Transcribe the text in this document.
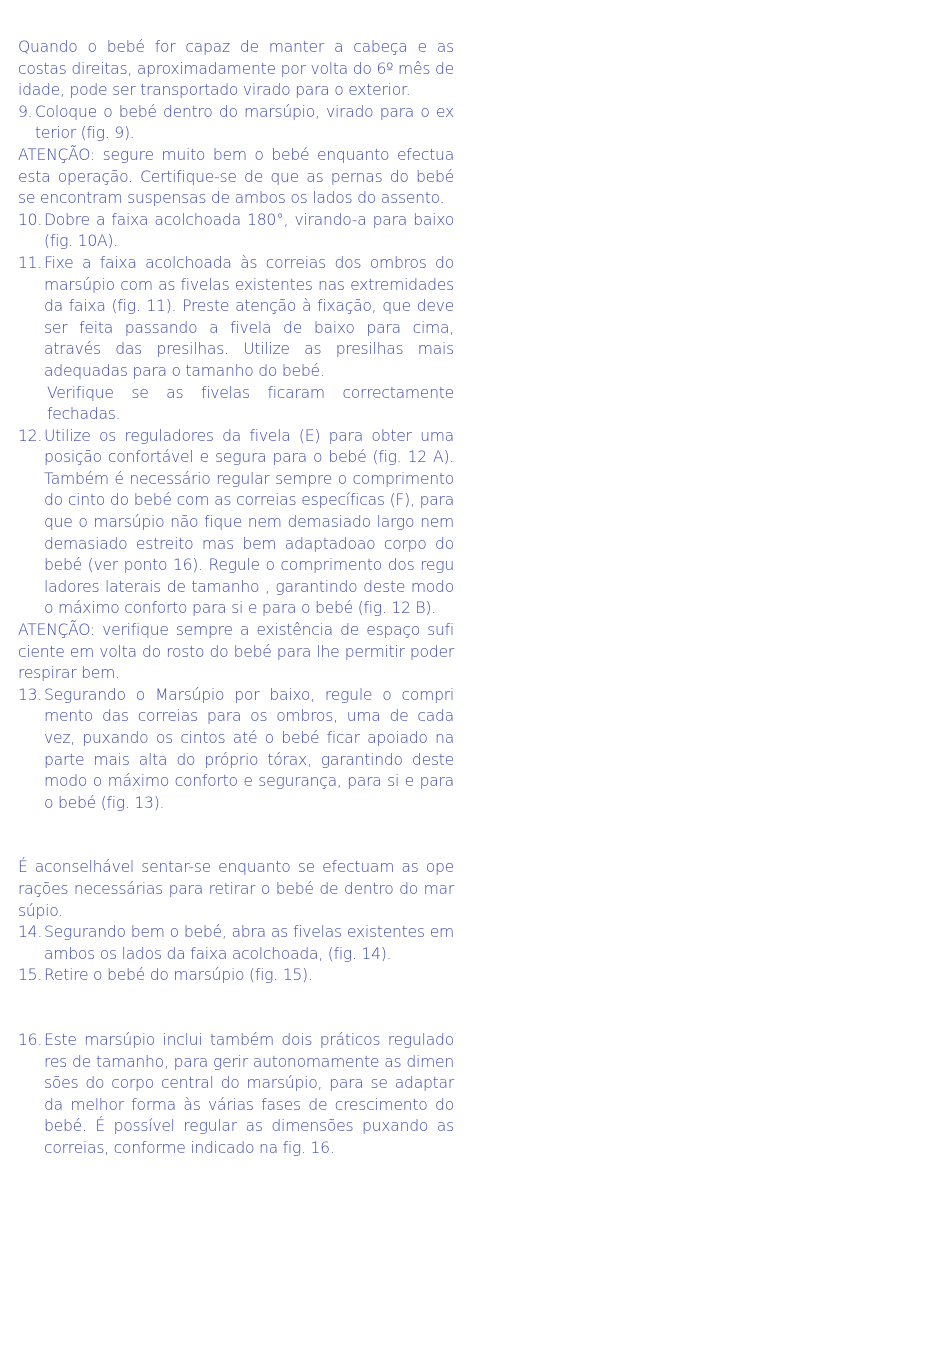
Quando o bebé for capaz de manter a cabeça e as costas direitas, aproximadamente por volta do 6º mês de idade, pode ser transportado virado para o exterior.

9. Coloque o bebé dentro do marsúpio, virado para o ex terior (fig. 9).

ATENÇÃO: segure muito bem o bebé enquanto efectua esta operação. Certifique-se de que as pernas do bebé se encontram suspensas de ambos os lados do assento.

10. Dobre a faixa acolchoada 180°, virando-a para baixo (fig. 10A).
11. Fixe a faixa acolchoada às correias dos ombros do marsúpio com as fivelas existentes nas extremidades da faixa (fig. 11). Preste atenção à fixação, que deve ser feita passando a fivela de baixo para cima, através das presilhas. Utilize as presilhas mais adequadas para o tamanho do bebé.

Verifique se as fivelas ficaram correctamente fechadas.

12. Utilize os reguladores da fivela (E) para obter uma posição confortável e segura para o bebé (fig. 12 A). Também é necessário regular sempre o comprimento do cinto do bebé com as correias específicas (F), para que o marsúpio não fique nem demasiado largo nem demasiado estreito mas bem adaptadoao corpo do bebé (ver ponto 16). Regule o comprimento dos regu ladores laterais de tamanho , garantindo deste modo o máximo conforto para si e para o bebé (fig. 12 B).

ATENÇÃO: verifique sempre a existência de espaço sufi ciente em volta do rosto do bebé para lhe permitir poder respirar bem.

13. Segurando o Marsúpio por baixo, regule o compri mento das correias para os ombros, uma de cada vez, puxando os cintos até o bebé ficar apoiado na parte mais alta do próprio tórax, garantindo deste modo o máximo conforto e segurança, para si e para o bebé (fig. 13).

É aconselhável sentar-se enquanto se efectuam as ope rações necessárias para retirar o bebé de dentro do mar súpio.

14. Segurando bem o bebé, abra as fivelas existentes em ambos os lados da faixa acolchoada, (fig. 14).
15. Retire o bebé do marsúpio (fig. 15).
16. Este marsúpio inclui também dois práticos regulado res de tamanho, para gerir autonomamente as dimen sões do corpo central do marsúpio, para se adaptar da melhor forma às várias fases de crescimento do bebé. É possível regular as dimensões puxando as correias, conforme indicado na fig. 16.
